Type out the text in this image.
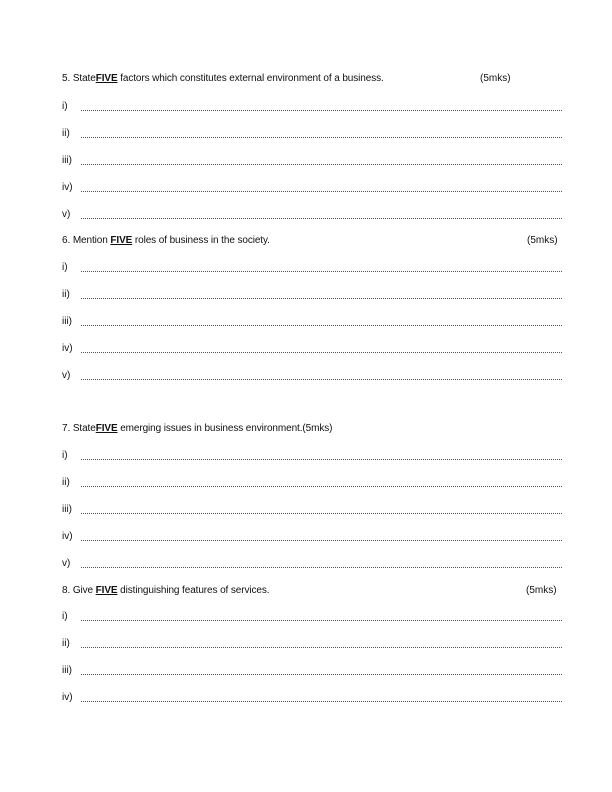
5. StateFIVE factors which constitutes external environment of a business.	(5mks)
i)
ii)
iii)
iv)
v)
6. Mention FIVE roles of business in the society.	(5mks)
i)
ii)
iii)
iv)
v)
7. StateFIVE emerging issues in business environment.(5mks)
i)
ii)
iii)
iv)
v)
8. Give FIVE distinguishing features of services.	(5mks)
i)
ii)
iii)
iv)
